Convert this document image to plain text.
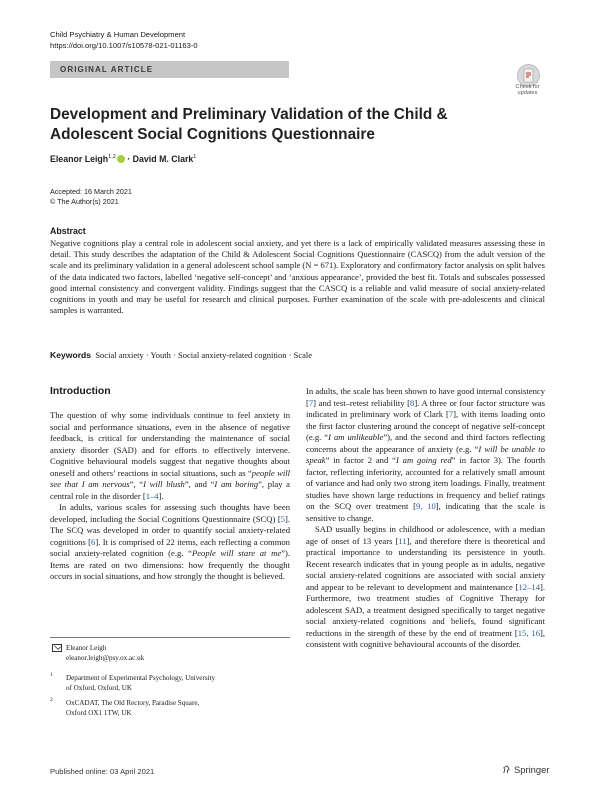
Child Psychiatry & Human Development
https://doi.org/10.1007/s10578-021-01163-0
ORIGINAL ARTICLE
Check for
updates
Development and Preliminary Validation of the Child & Adolescent Social Cognitions Questionnaire
Eleanor Leigh$^{1,2}$ · David M. Clark$^1$
Accepted: 16 March 2021
© The Author(s) 2021
Abstract
Negative cognitions play a central role in adolescent social anxiety, and yet there is a lack of empirically validated measures assessing these in detail. This study describes the adaptation of the Child & Adolescent Social Cognitions Questionnaire (CASCQ) from the adult version of the scale and its preliminary validation in a general adolescent school sample (N = 671). Exploratory and confirmatory factor analysis on split halves of the data indicated two factors, labelled ‘negative self-concept’ and ‘anxious appearance’, provided the best fit. Totals and subscales possessed good internal consistency and convergent validity. Findings suggest that the CASCQ is a reliable and valid measure of social anxiety-related cognitions in youth and may be useful for research and clinical purposes. Further examination of the scale with pre-adolescents and clinical samples is warranted.
Keywords Social anxiety · Youth · Social anxiety-related cognition · Scale
Introduction

The question of why some individuals continue to feel anxiety in social and performance situations, even in the absence of negative feedback, is critical for understanding the maintenance of social anxiety disorder (SAD) and for efforts to effectively intervene. Cognitive behavioural models suggest that negative thoughts about oneself and others’ reactions in social situations, such as “people will see that I am nervous”, “I will blush”, and “I am boring”, play a central role in the disorder [1–4].

In adults, various scales for assessing such thoughts have been developed, including the Social Cognitions Questionnaire (SCQ) [5]. The SCQ was developed in order to quantify social anxiety-related cognitions [6]. It is comprised of 22 items, each reflecting a common social anxiety-related cognition (e.g. “People will stare at me”). Items are rated on two dimensions: how frequently the thought occurs in social situations, and how strongly the thought is believed.

In adults, the scale has been shown to have good internal consistency [7] and test–retest reliability [8]. A three or four factor structure was indicated in preliminary work of Clark [7], with items loading onto the first factor clustering around the concept of negative self-concept (e.g. “I am unlikeable”), and the second and third factors reflecting concerns about the appearance of anxiety (e.g. “I will be unable to speak” in factor 2 and “I am going red” in factor 3). The fourth factor, reflecting inferiority, accounted for a relatively small amount of variance and had only two strong item loadings. Finally, treatment studies have shown large reductions in frequency and belief ratings on the SCQ over treatment [9, 10], indicating that the scale is sensitive to change.

SAD usually begins in childhood or adolescence, with a median age of onset of 13 years [11], and therefore there is theoretical and practical importance to understanding its persistence in youth. Recent research indicates that in young people as in adults, negative social anxiety-related cognitions are associated with social anxiety and appear to be relevant to development and maintenance [12–14]. Furthermore, two treatment studies of Cognitive Therapy for adolescent SAD, a treatment designed specifically to target negative social anxiety-related cognitions and beliefs, found significant reductions in the strength of these by the end of treatment [15, 16], consistent with cognitive behavioural accounts of the disorder.

Eleanor Leigh
eleanor.leigh@psy.ox.ac.uk
1 Department of Experimental Psychology, University
of Oxford, Oxford, UK
2 OxCADAT, The Old Rectory, Paradise Square,
Oxford OX1 1TW, UK
Published online: 03 April 2021	Springer
